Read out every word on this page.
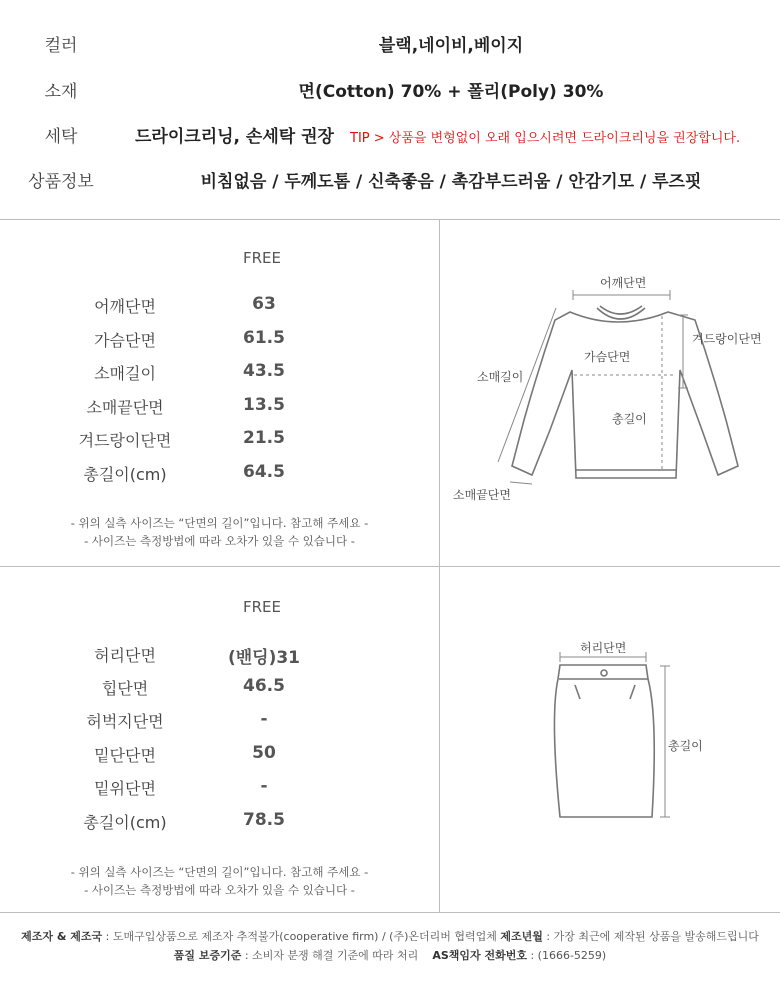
컬러	블랙,네이비,베이지
소재	면(Cotton) 70% + 폴리(Poly) 30%
세탁	드라이크리닝, 손세탁 권장 TIP > 상품을 변형없이 오래 입으시려면 드라이크리닝을 권장합니다.
상품정보	비침없음 / 두께도톰 / 신축좋음 / 촉감부드러움 / 안감기모 / 루즈핏
FREE
어깨단면	63
가슴단면	61.5
소매길이	43.5
소매끝단면	13.5
겨드랑이단면	21.5
총길이(cm)	64.5
- 위의 실측 사이즈는 “단면의 길이”입니다. 참고해 주세요 -
- 사이즈는 측정방법에 따라 오차가 있을 수 있습니다 -
어깨단면
겨드랑이단면
가슴단면
소매길이
총길이
소매끝단면
FREE
허리단면	(밴딩)31
힙단면	46.5
허벅지단면	-
밑단단면	50
밑위단면	-
총길이(cm)	78.5
- 위의 실측 사이즈는 “단면의 길이”입니다. 참고해 주세요 -
- 사이즈는 측정방법에 따라 오차가 있을 수 있습니다 -
허리단면
총길이
제조자 & 제조국 : 도매구입상품으로 제조자 추적불가(cooperative firm) / (주)온더리버 협력업체 제조년월 : 가장 최근에 제작된 상품을 발송해드립니다
품질 보증기준 : 소비자 분쟁 해결 기준에 따라 처리 AS책임자 전화번호 : (1666-5259)
